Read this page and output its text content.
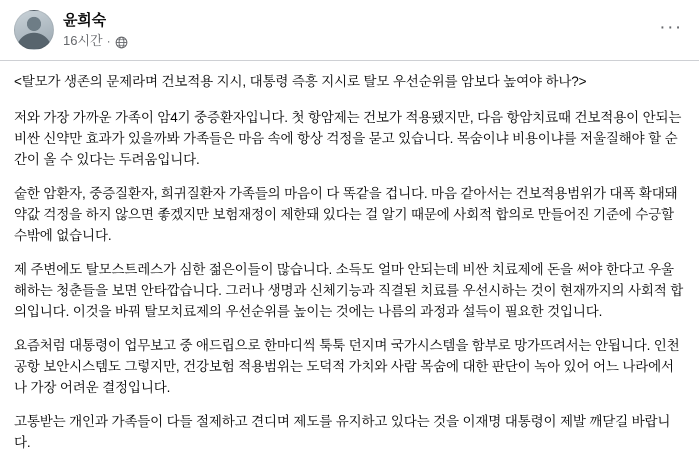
윤희숙
16시간 ·
···

<탈모가 생존의 문제라며 건보적용 지시, 대통령 즉흥 지시로 탈모 우선순위를 암보다 높여야 하나?>

저와 가장 가까운 가족이 암4기 중증환자입니다. 첫 항암제는 건보가 적용됐지만, 다음 항암치료때 건보적용이 안되는 비싼 신약만 효과가 있을까봐 가족들은 마음 속에 항상 걱정을 묻고 있습니다. 목숨이냐 비용이냐를 저울질해야 할 순간이 올 수 있다는 두려움입니다.

숱한 암환자, 중증질환자, 희귀질환자 가족들의 마음이 다 똑같을 겁니다. 마음 같아서는 건보적용범위가 대폭 확대돼 약값 걱정을 하지 않으면 좋겠지만 보험재정이 제한돼 있다는 걸 알기 때문에 사회적 합의로 만들어진 기준에 수긍할 수밖에 없습니다.

제 주변에도 탈모스트레스가 심한 젊은이들이 많습니다. 소득도 얼마 안되는데 비싼 치료제에 돈을 써야 한다고 우울해하는 청춘들을 보면 안타깝습니다. 그러나 생명과 신체기능과 직결된 치료를 우선시하는 것이 현재까지의 사회적 합의입니다. 이것을 바꿔 탈모치료제의 우선순위를 높이는 것에는 나름의 과정과 설득이 필요한 것입니다.

요즘처럼 대통령이 업무보고 중 애드립으로 한마디씩 툭툭 던지며 국가시스템을 함부로 망가뜨려서는 안됩니다. 인천공항 보안시스템도 그렇지만, 건강보험 적용범위는 도덕적 가치와 사람 목숨에 대한 판단이 녹아 있어 어느 나라에서나 가장 어려운 결정입니다.

고통받는 개인과 가족들이 다들 절제하고 견디며 제도를 유지하고 있다는 것을 이재명 대통령이 제발 깨닫길 바랍니다.
